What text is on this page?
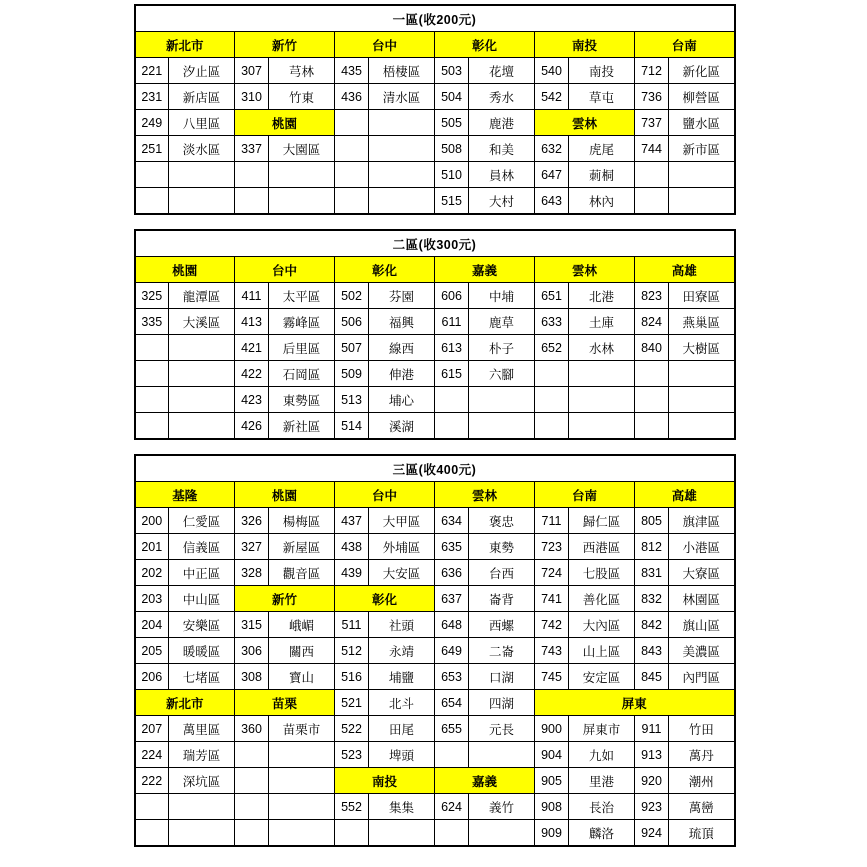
一區(收200元)											
新北市		新竹		台中		彰化		南投		台南	
221	汐止區	307	芎林	435	梧棲區	503	花壇	540	南投	712	新化區
231	新店區	310	竹東	436	清水區	504	秀水	542	草屯	736	柳營區
249	八里區	桃園				505	鹿港	雲林		737	鹽水區
251	淡水區	337	大園區			508	和美	632	虎尾	744	新市區
						510	員林	647	莿桐		
						515	大村	643	林內		
二區(收300元)											
桃園		台中		彰化		嘉義		雲林		高雄	
325	龍潭區	411	太平區	502	芬園	606	中埔	651	北港	823	田寮區
335	大溪區	413	霧峰區	506	福興	611	鹿草	633	土庫	824	燕巢區
		421	后里區	507	線西	613	朴子	652	水林	840	大樹區
		422	石岡區	509	伸港	615	六腳				
		423	東勢區	513	埔心						
		426	新社區	514	溪湖						
三區(收400元)											
基隆		桃園		台中		雲林		台南		高雄	
200	仁愛區	326	楊梅區	437	大甲區	634	褒忠	711	歸仁區	805	旗津區
201	信義區	327	新屋區	438	外埔區	635	東勢	723	西港區	812	小港區
202	中正區	328	觀音區	439	大安區	636	台西	724	七股區	831	大寮區
203	中山區	新竹		彰化		637	崙背	741	善化區	832	林園區
204	安樂區	315	峨嵋	511	社頭	648	西螺	742	大內區	842	旗山區
205	暖暖區	306	關西	512	永靖	649	二崙	743	山上區	843	美濃區
206	七堵區	308	寶山	516	埔鹽	653	口湖	745	安定區	845	內門區
新北市		苗栗		521	北斗	654	四湖	屏東			
207	萬里區	360	苗栗市	522	田尾	655	元長	900	屏東市	911	竹田
224	瑞芳區			523	埤頭			904	九如	913	萬丹
222	深坑區			南投		嘉義		905	里港	920	潮州
				552	集集	624	義竹	908	長治	923	萬巒
								909	麟洛	924	琉頂
